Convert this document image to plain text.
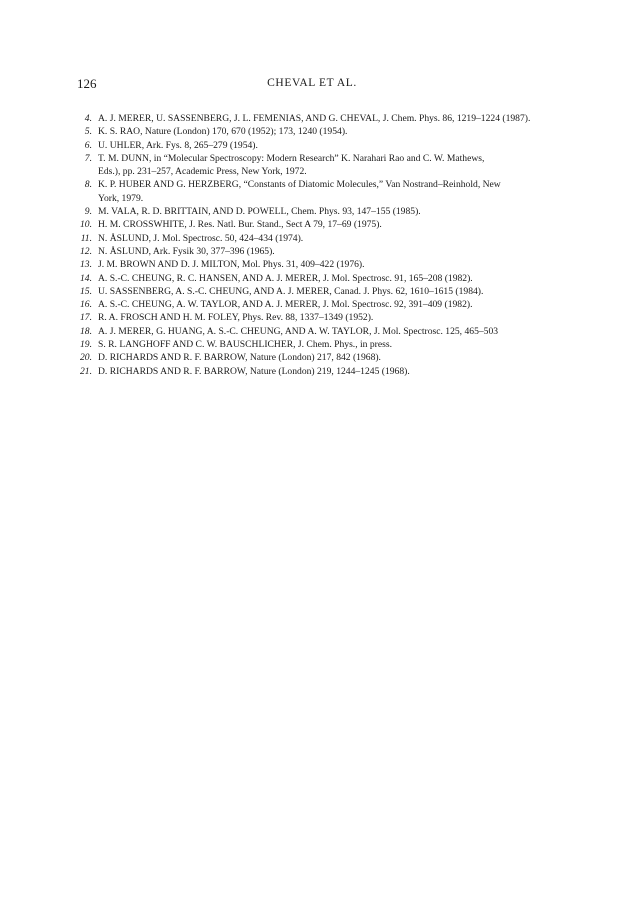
126	CHEVAL ET AL.
4. A. J. MERER, U. SASSENBERG, J. L. FEMENIAS, AND G. CHEVAL, J. Chem. Phys. 86, 1219–1224 (1987).
5. K. S. RAO, Nature (London) 170, 670 (1952); 173, 1240 (1954).
6. U. UHLER, Ark. Fys. 8, 265–279 (1954).
7. T. M. DUNN, in “Molecular Spectroscopy: Modern Research” K. Narahari Rao and C. W. Mathews,
Eds.), pp. 231–257, Academic Press, New York, 1972.
8. K. P. HUBER AND G. HERZBERG, “Constants of Diatomic Molecules,” Van Nostrand–Reinhold, New
York, 1979.
9. M. VALA, R. D. BRITTAIN, AND D. POWELL, Chem. Phys. 93, 147–155 (1985).
10. H. M. CROSSWHITE, J. Res. Natl. Bur. Stand., Sect A 79, 17–69 (1975).
11. N. ÅSLUND, J. Mol. Spectrosc. 50, 424–434 (1974).
12. N. ÅSLUND, Ark. Fysik 30, 377–396 (1965).
13. J. M. BROWN AND D. J. MILTON, Mol. Phys. 31, 409–422 (1976).
14. A. S.-C. CHEUNG, R. C. HANSEN, AND A. J. MERER, J. Mol. Spectrosc. 91, 165–208 (1982).
15. U. SASSENBERG, A. S.-C. CHEUNG, AND A. J. MERER, Canad. J. Phys. 62, 1610–1615 (1984).
16. A. S.-C. CHEUNG, A. W. TAYLOR, AND A. J. MERER, J. Mol. Spectrosc. 92, 391–409 (1982).
17. R. A. FROSCH AND H. M. FOLEY, Phys. Rev. 88, 1337–1349 (1952).
18. A. J. MERER, G. HUANG, A. S.-C. CHEUNG, AND A. W. TAYLOR, J. Mol. Spectrosc. 125, 465–503
19. S. R. LANGHOFF AND C. W. BAUSCHLICHER, J. Chem. Phys., in press.
20. D. RICHARDS AND R. F. BARROW, Nature (London) 217, 842 (1968).
21. D. RICHARDS AND R. F. BARROW, Nature (London) 219, 1244–1245 (1968).
